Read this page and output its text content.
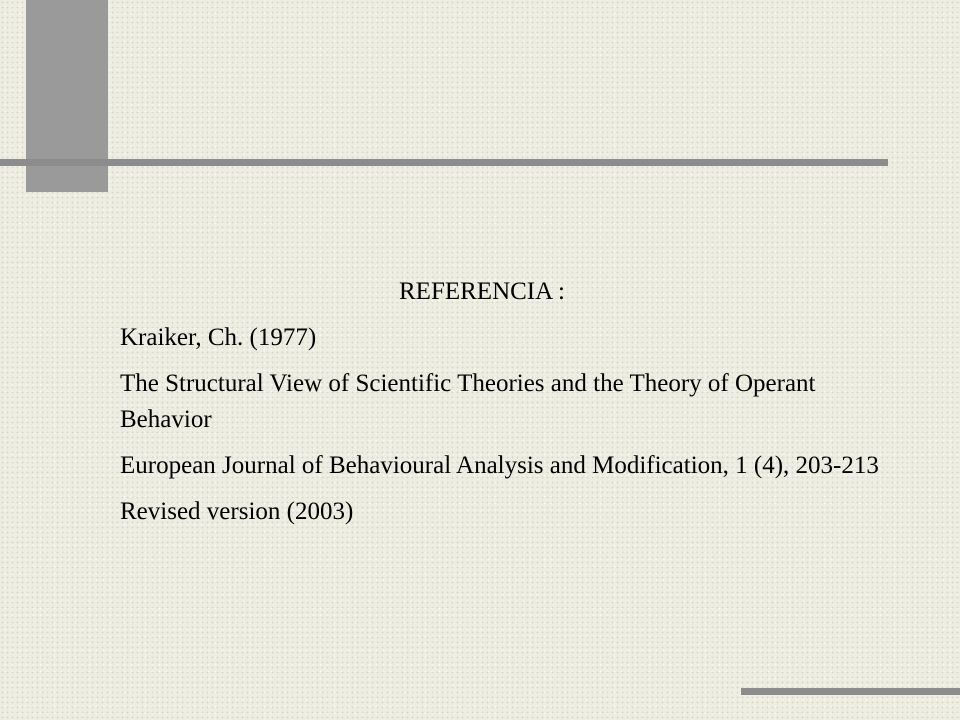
REFERENCIA :
Kraiker, Ch. (1977)
The Structural View of Scientific Theories and the Theory of Operant Behavior
European Journal of Behavioural Analysis and Modification, 1 (4), 203-213
Revised version (2003)
